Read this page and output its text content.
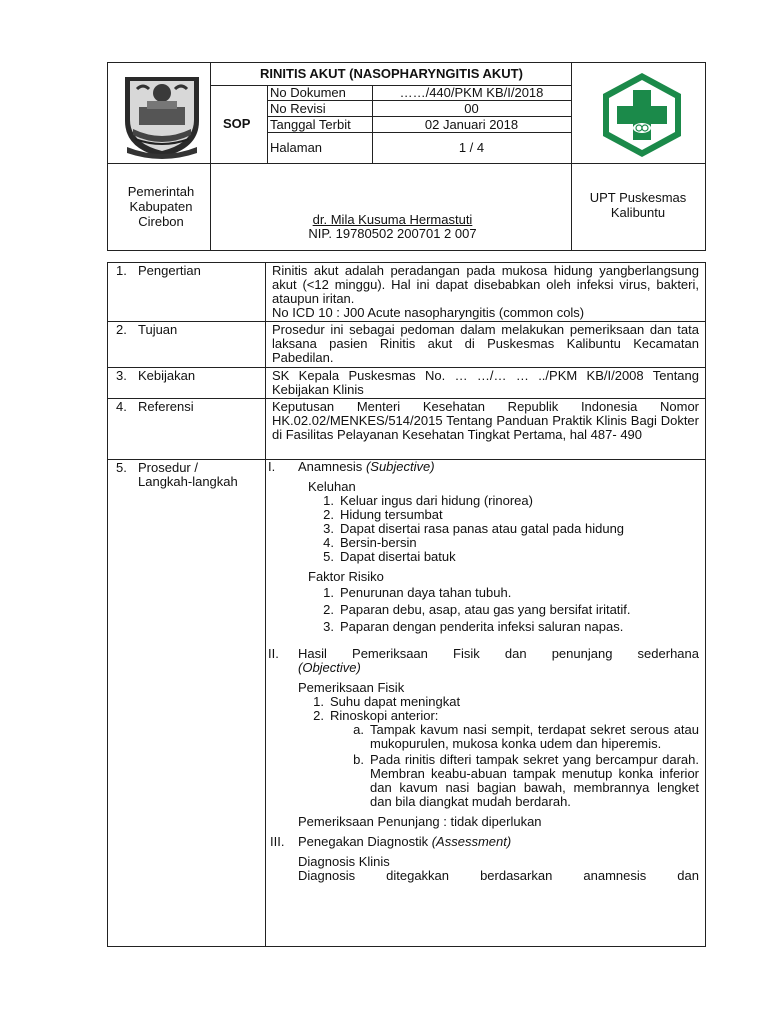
RINITIS AKUT (NASOPHARYNGITIS AKUT)
SOP
No Dokumen	……/440/PKM KB/I/2018
No Revisi	00
Tanggal Terbit	02 Januari 2018
Halaman	1 / 4
Pemerintah
Kabupaten
Cirebon	dr. Mila Kusuma Hermastuti
NIP. 19780502 200701 2 007
UPT Puskesmas
Kalibuntu
1. Pengertian	Rinitis akut adalah peradangan pada mukosa hidung yangberlangsung akut (<12 minggu). Hal ini dapat disebabkan oleh infeksi virus, bakteri, ataupun iritan.
No ICD 10 : J00 Acute nasopharyngitis (common cols)
2. Tujuan	Prosedur ini sebagai pedoman dalam melakukan pemeriksaan dan tata laksana pasien Rinitis akut di Puskesmas Kalibuntu Kecamatan Pabedilan.
3. Kebijakan	SK Kepala Puskesmas No. … …/… … ../PKM KB/I/2008 Tentang Kebijakan Klinis
4. Referensi	Keputusan Menteri Kesehatan Republik Indonesia Nomor HK.02.02/MENKES/514/2015 Tentang Panduan Praktik Klinis Bagi Dokter di Fasilitas Pelayanan Kesehatan Tingkat Pertama, hal 487- 490
5. Prosedur /
Langkah-langkah
I.	Anamnesis (Subjective)
Keluhan
1. Keluar ingus dari hidung (rinorea)
2. Hidung tersumbat
3. Dapat disertai rasa panas atau gatal pada hidung
4. Bersin-bersin
5. Dapat disertai batuk
Faktor Risiko
1. Penurunan daya tahan tubuh.
2. Paparan debu, asap, atau gas yang bersifat iritatif.
3. Paparan dengan penderita infeksi saluran napas.
II.	Hasil Pemeriksaan Fisik dan penunjang sederhana
(Objective)
Pemeriksaan Fisik
1. Suhu dapat meningkat
2. Rinoskopi anterior:
a. Tampak kavum nasi sempit, terdapat sekret serous atau mukopurulen, mukosa konka udem dan hiperemis.
b. Pada rinitis difteri tampak sekret yang bercampur darah. Membran keabu-abuan tampak menutup konka inferior dan kavum nasi bagian bawah, membrannya lengket dan bila diangkat mudah berdarah.
Pemeriksaan Penunjang : tidak diperlukan
III.	Penegakan Diagnostik (Assessment)
Diagnosis Klinis
Diagnosis ditegakkan berdasarkan anamnesis dan
